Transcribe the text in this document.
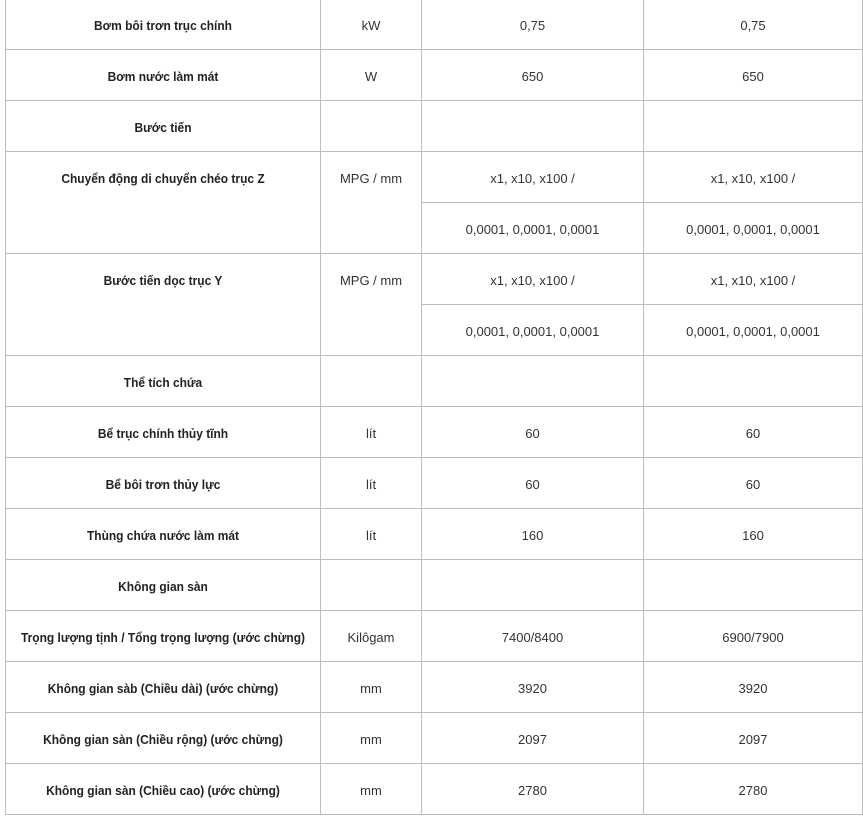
Bơm bôi trơn trục chính	kW	0,75	0,75

Bơm nước làm mát	W	650	650

Bước tiến			

Chuyển động di chuyển chéo trục Z	MPG / mm	x1, x10, x100 /	x1, x10, x100 /

		0,0001, 0,0001, 0,0001	0,0001, 0,0001, 0,0001

Bước tiến dọc trục Y	MPG / mm	x1, x10, x100 /	x1, x10, x100 /

		0,0001, 0,0001, 0,0001	0,0001, 0,0001, 0,0001

Thể tích chứa			

Bể trục chính thủy tĩnh	lít	60	60

Bể bôi trơn thủy lực	lít	60	60

Thùng chứa nước làm mát	lít	160	160

Không gian sàn			

Trọng lượng tịnh / Tổng trọng lượng (ước chừng)	Kilôgam	7400/8400	6900/7900

Không gian sàb (Chiều dài) (ước chừng)	mm	3920	3920

Không gian sàn (Chiều rộng) (ước chừng)	mm	2097	2097

Không gian sàn (Chiều cao) (ước chừng)	mm	2780	2780
